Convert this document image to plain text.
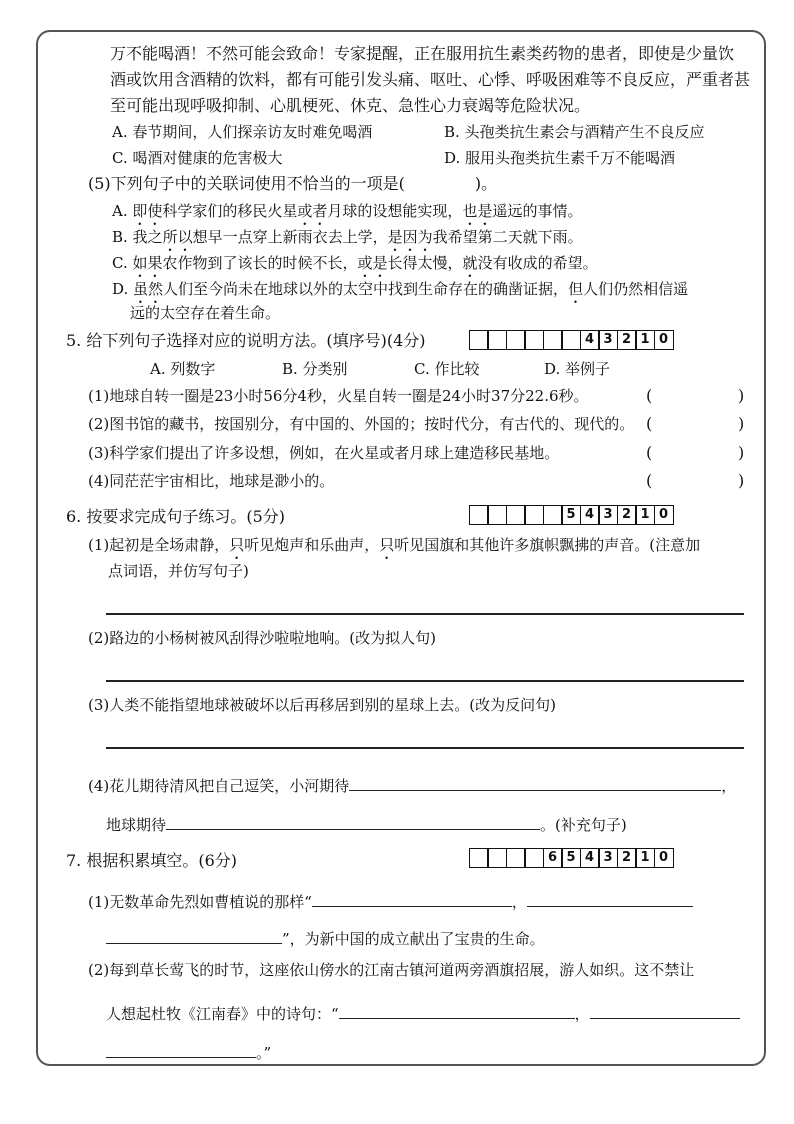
万不能喝酒！不然可能会致命！专家提醒，正在服用抗生素类药物的患者，即使是少量饮
酒或饮用含酒精的饮料，都有可能引发头痛、呕吐、心悸、呼吸困难等不良反应，严重者甚
至可能出现呼吸抑制、心肌梗死、休克、急性心力衰竭等危险状况。
A. 春节期间，人们探亲访友时难免喝酒	B. 头孢类抗生素会与酒精产生不良反应
C. 喝酒对健康的危害极大	D. 服用头孢类抗生素千万不能喝酒
(5)下列句子中的关联词使用不恰当的一项是(	)。
A. 即使科学家们的移民火星或者月球的设想能实现，也是遥远的事情。
B. 我之所以想早一点穿上新雨衣去上学，是因为我希望第二天就下雨。
C. 如果农作物到了该长的时候不长，或是长得太慢，就没有收成的希望。
D. 虽然人们至今尚未在地球以外的太空中找到生命存在的确凿证据，但人们仍然相信遥
远的太空存在着生命。
5. 给下列句子选择对应的说明方法。(填序号)(4分)	4 3 2 1 0
A. 列数字	B. 分类别	C. 作比较	D. 举例子
(1)地球自转一圈是23小时56分4秒，火星自转一圈是24小时37分22.6秒。	(	)
(2)图书馆的藏书，按国别分，有中国的、外国的；按时代分，有古代的、现代的。 (	)
(3)科学家们提出了许多设想，例如，在火星或者月球上建造移民基地。	(	)
(4)同茫茫宇宙相比，地球是渺小的。	(	)
6. 按要求完成句子练习。(5分)	5 4 3 2 1 0
(1)起初是全场肃静，只听见炮声和乐曲声，只听见国旗和其他许多旗帜飘拂的声音。(注意加
点词语，并仿写句子)
(2)路边的小杨树被风刮得沙啦啦地响。(改为拟人句)
(3)人类不能指望地球被破坏以后再移居到别的星球上去。(改为反问句)
(4)花儿期待清风把自己逗笑，小河期待	，
地球期待	。(补充句子)
7. 根据积累填空。(6分)	6 5 4 3 2 1 0
(1)无数革命先烈如曹植说的那样“	，
”，为新中国的成立献出了宝贵的生命。
(2)每到草长莺飞的时节，这座依山傍水的江南古镇河道两旁酒旗招展，游人如织。这不禁让
人想起杜牧《江南春》中的诗句：“	，
。”
